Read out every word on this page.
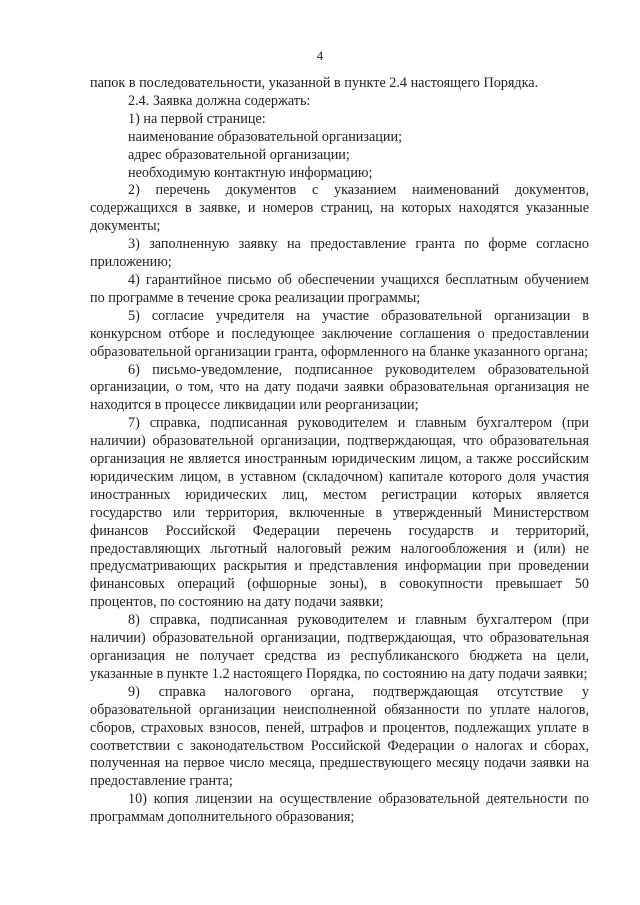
4

папок в последовательности, указанной в пункте 2.4 настоящего Порядка.

2.4. Заявка должна содержать:

1) на первой странице:

наименование образовательной организации;

адрес образовательной организации;

необходимую контактную информацию;

2) перечень документов с указанием наименований документов, содержащихся в заявке, и номеров страниц, на которых находятся указанные документы;

3) заполненную заявку на предоставление гранта по форме согласно приложению;

4) гарантийное письмо об обеспечении учащихся бесплатным обучением по программе в течение срока реализации программы;

5) согласие учредителя на участие образовательной организации в конкурсном отборе и последующее заключение соглашения о предоставлении образовательной организации гранта, оформленного на бланке указанного органа;

6) письмо-уведомление, подписанное руководителем образовательной организации, о том, что на дату подачи заявки образовательная организация не находится в процессе ликвидации или реорганизации;

7) справка, подписанная руководителем и главным бухгалтером (при наличии) образовательной организации, подтверждающая, что образовательная организация не является иностранным юридическим лицом, а также российским юридическим лицом, в уставном (складочном) капитале которого доля участия иностранных юридических лиц, местом регистрации которых является государство или территория, включенные в утвержденный Министерством финансов Российской Федерации перечень государств и территорий, предоставляющих льготный налоговый режим налогообложения и (или) не предусматривающих раскрытия и представления информации при проведении финансовых операций (офшорные зоны), в совокупности превышает 50 процентов, по состоянию на дату подачи заявки;

8) справка, подписанная руководителем и главным бухгалтером (при наличии) образовательной организации, подтверждающая, что образовательная организация не получает средства из республиканского бюджета на цели, указанные в пункте 1.2 настоящего Порядка, по состоянию на дату подачи заявки;

9) справка налогового органа, подтверждающая отсутствие у образовательной организации неисполненной обязанности по уплате налогов, сборов, страховых взносов, пеней, штрафов и процентов, подлежащих уплате в соответствии с законодательством Российской Федерации о налогах и сборах, полученная на первое число месяца, предшествующего месяцу подачи заявки на предоставление гранта;

10) копия лицензии на осуществление образовательной деятельности по программам дополнительного образования;
